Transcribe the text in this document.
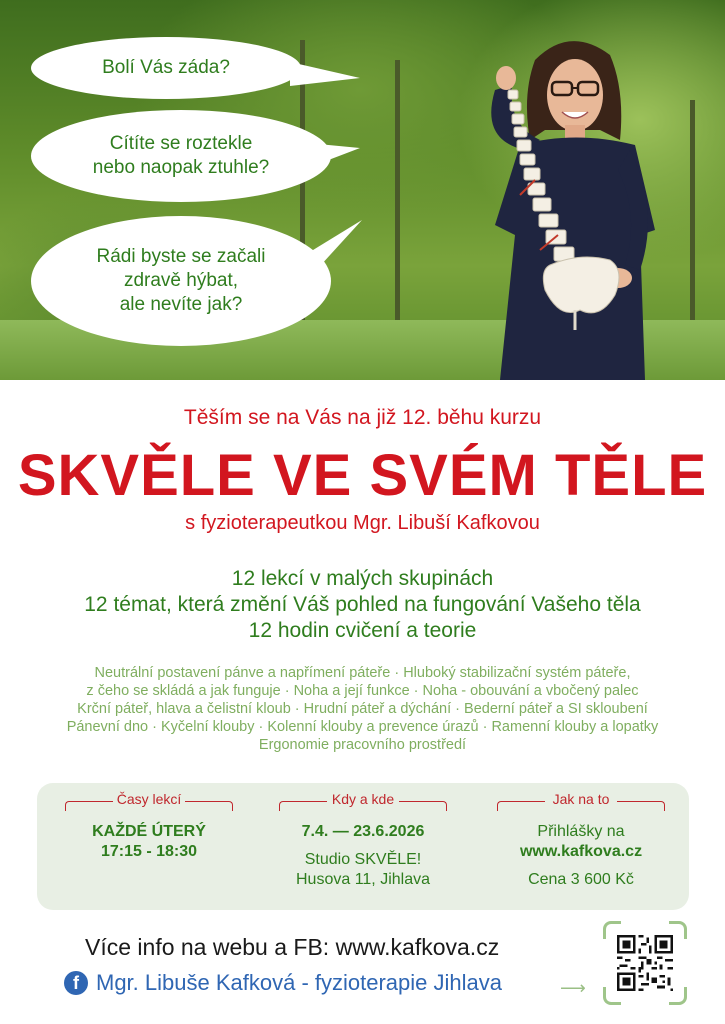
Bolí Vás záda?
Cítíte se roztekle
nebo naopak ztuhle?
Rádi byste se začali
zdravě hýbat,
ale nevíte jak?
Těším se na Vás na již 12. běhu kurzu
SKVĚLE VE SVÉM TĚLE
s fyzioterapeutkou Mgr. Libuší Kafkovou
12 lekcí v malých skupinách
12 témat, která změní Váš pohled na fungování Vašeho těla
12 hodin cvičení a teorie
Neutrální postavení pánve a napřímení páteře · Hluboký stabilizační systém páteře,
z čeho se skládá a jak funguje · Noha a její funkce · Noha - obouvání a vbočený palec
Krční páteř, hlava a čelistní kloub · Hrudní páteř a dýchání · Bederní páteř a SI skloubení
Pánevní dno · Kyčelní klouby · Kolenní klouby a prevence úrazů · Ramenní klouby a lopatky
Ergonomie pracovního prostředí
Časy lekcí
KAŽDÉ ÚTERÝ
17:15 - 18:30
Kdy a kde
7.4. — 23.6.2026
Studio SKVĚLE!
Husova 11, Jihlava
Jak na to
Přihlášky na
www.kafkova.cz
Cena 3 600 Kč
Více info na webu a FB: www.kafkova.cz
f Mgr. Libuše Kafková - fyzioterapie Jihlava	⟶
